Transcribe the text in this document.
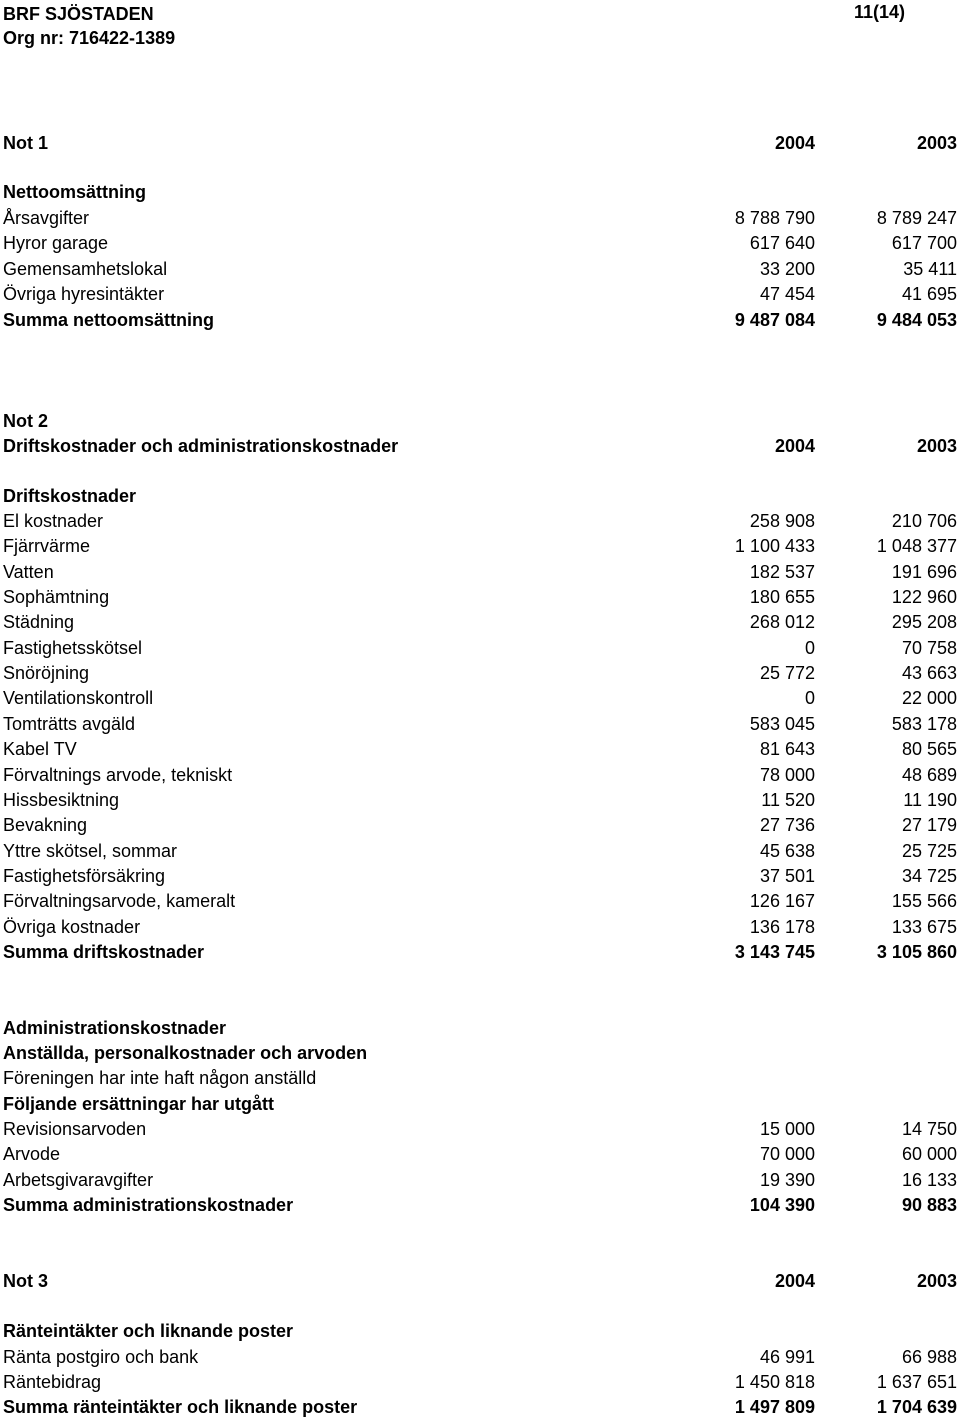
BRF SJÖSTADEN
Org nr: 716422-1389
11(14)
Not 1	2004	2003
Nettoomsättning
Årsavgifter	8 788 790	8 789 247
Hyror garage	617 640	617 700
Gemensamhetslokal	33 200	35 411
Övriga hyresintäkter	47 454	41 695
Summa nettoomsättning	9 487 084	9 484 053
Not 2
Driftskostnader och administrationskostnader	2004	2003
Driftskostnader
El kostnader	258 908	210 706
Fjärrvärme	1 100 433	1 048 377
Vatten	182 537	191 696
Sophämtning	180 655	122 960
Städning	268 012	295 208
Fastighetsskötsel	0	70 758
Snöröjning	25 772	43 663
Ventilationskontroll	0	22 000
Tomträtts avgäld	583 045	583 178
Kabel TV	81 643	80 565
Förvaltnings arvode, tekniskt	78 000	48 689
Hissbesiktning	11 520	11 190
Bevakning	27 736	27 179
Yttre skötsel, sommar	45 638	25 725
Fastighetsförsäkring	37 501	34 725
Förvaltningsarvode, kameralt	126 167	155 566
Övriga kostnader	136 178	133 675
Summa driftskostnader	3 143 745	3 105 860
Administrationskostnader
Anställda, personalkostnader och arvoden
Föreningen har inte haft någon anställd
Följande ersättningar har utgått
Revisionsarvoden	15 000	14 750
Arvode	70 000	60 000
Arbetsgivaravgifter	19 390	16 133
Summa administrationskostnader	104 390	90 883
Not 3	2004	2003
Ränteintäkter och liknande poster
Ränta postgiro och bank	46 991	66 988
Räntebidrag	1 450 818	1 637 651
Summa ränteintäkter och liknande poster	1 497 809	1 704 639
